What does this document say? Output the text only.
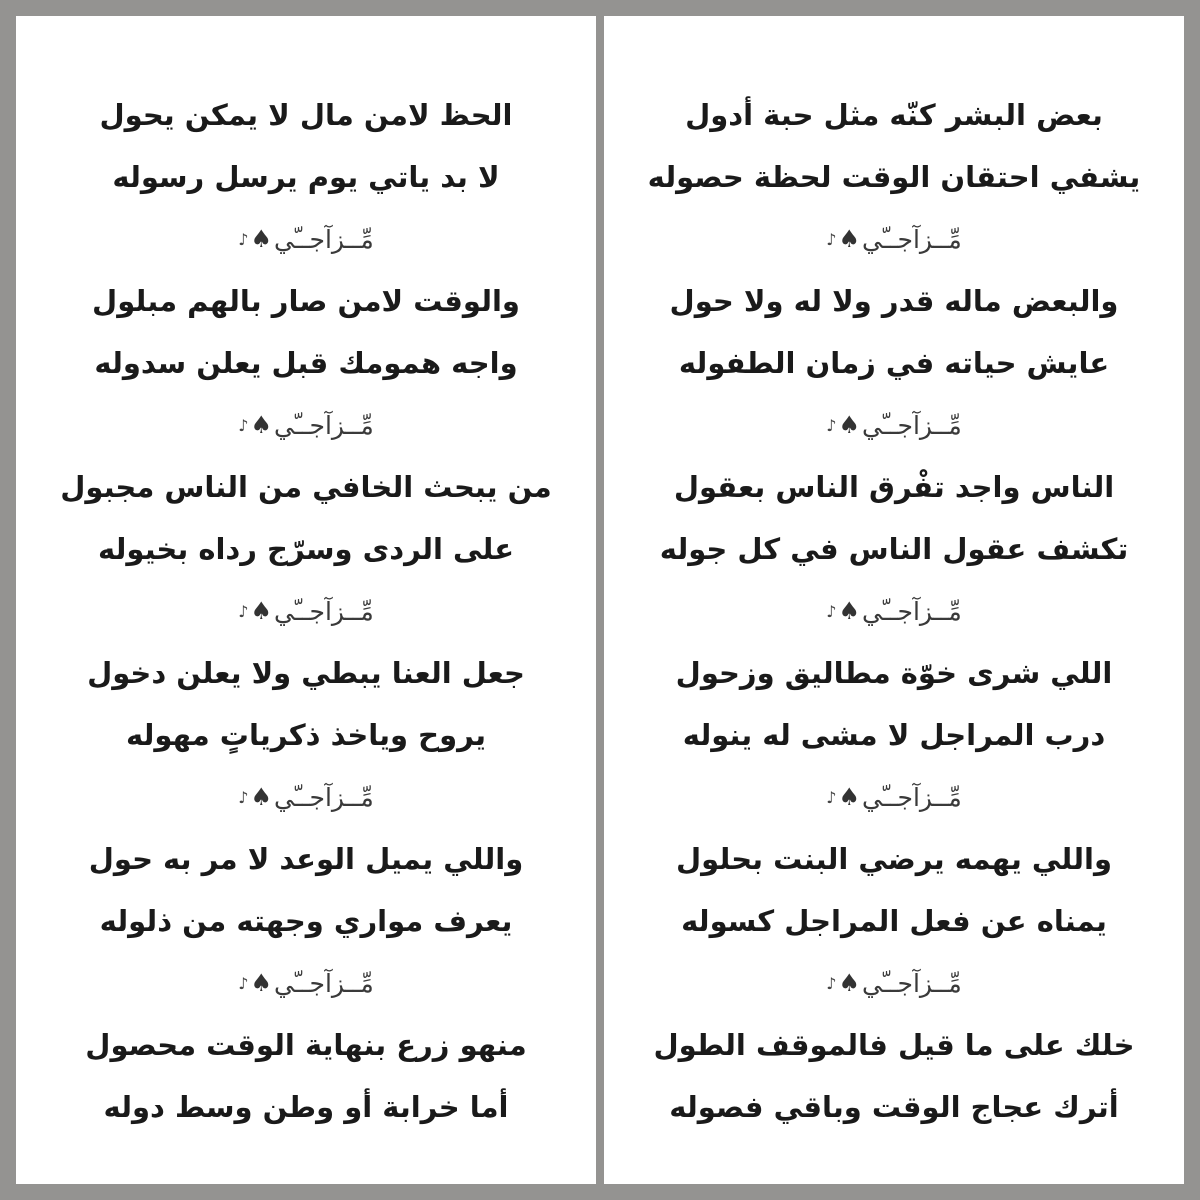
الحظ لامن مال لا يمكن يحول
لا بد ياتي يوم يرسل رسوله
مِّــزآجــّي
♠
♪
والوقت لامن صار بالهم مبلول
واجه همومك قبل يعلن سدوله
مِّــزآجــّي
♠
♪
من يبحث الخافي من الناس مجبول
على الردى وسرّج رداه بخيوله
مِّــزآجــّي
♠
♪
جعل العنا يبطي ولا يعلن دخول
يروح وياخذ ذكرياتٍ مهوله
مِّــزآجــّي
♠
♪
واللي يميل الوعد لا مر به حول
يعرف مواري وجهته من ذلوله
مِّــزآجــّي
♠
♪
منهو زرع بنهاية الوقت محصول
أما خرابة أو وطن وسط دوله
بعض البشر كنّه مثل حبة أدول
يشفي احتقان الوقت لحظة حصوله
مِّــزآجــّي
♠
♪
والبعض ماله قدر ولا له ولا حول
عايش حياته في زمان الطفوله
مِّــزآجــّي
♠
♪
الناس واجد تفْرق الناس بعقول
تكشف عقول الناس في كل جوله
مِّــزآجــّي
♠
♪
اللي شرى خوّة مطاليق وزحول
درب المراجل لا مشى له ينوله
مِّــزآجــّي
♠
♪
واللي يهمه يرضي البنت بحلول
يمناه عن فعل المراجل كسوله
مِّــزآجــّي
♠
♪
خلك على ما قيل فالموقف الطول
أترك عجاج الوقت وباقي فصوله
